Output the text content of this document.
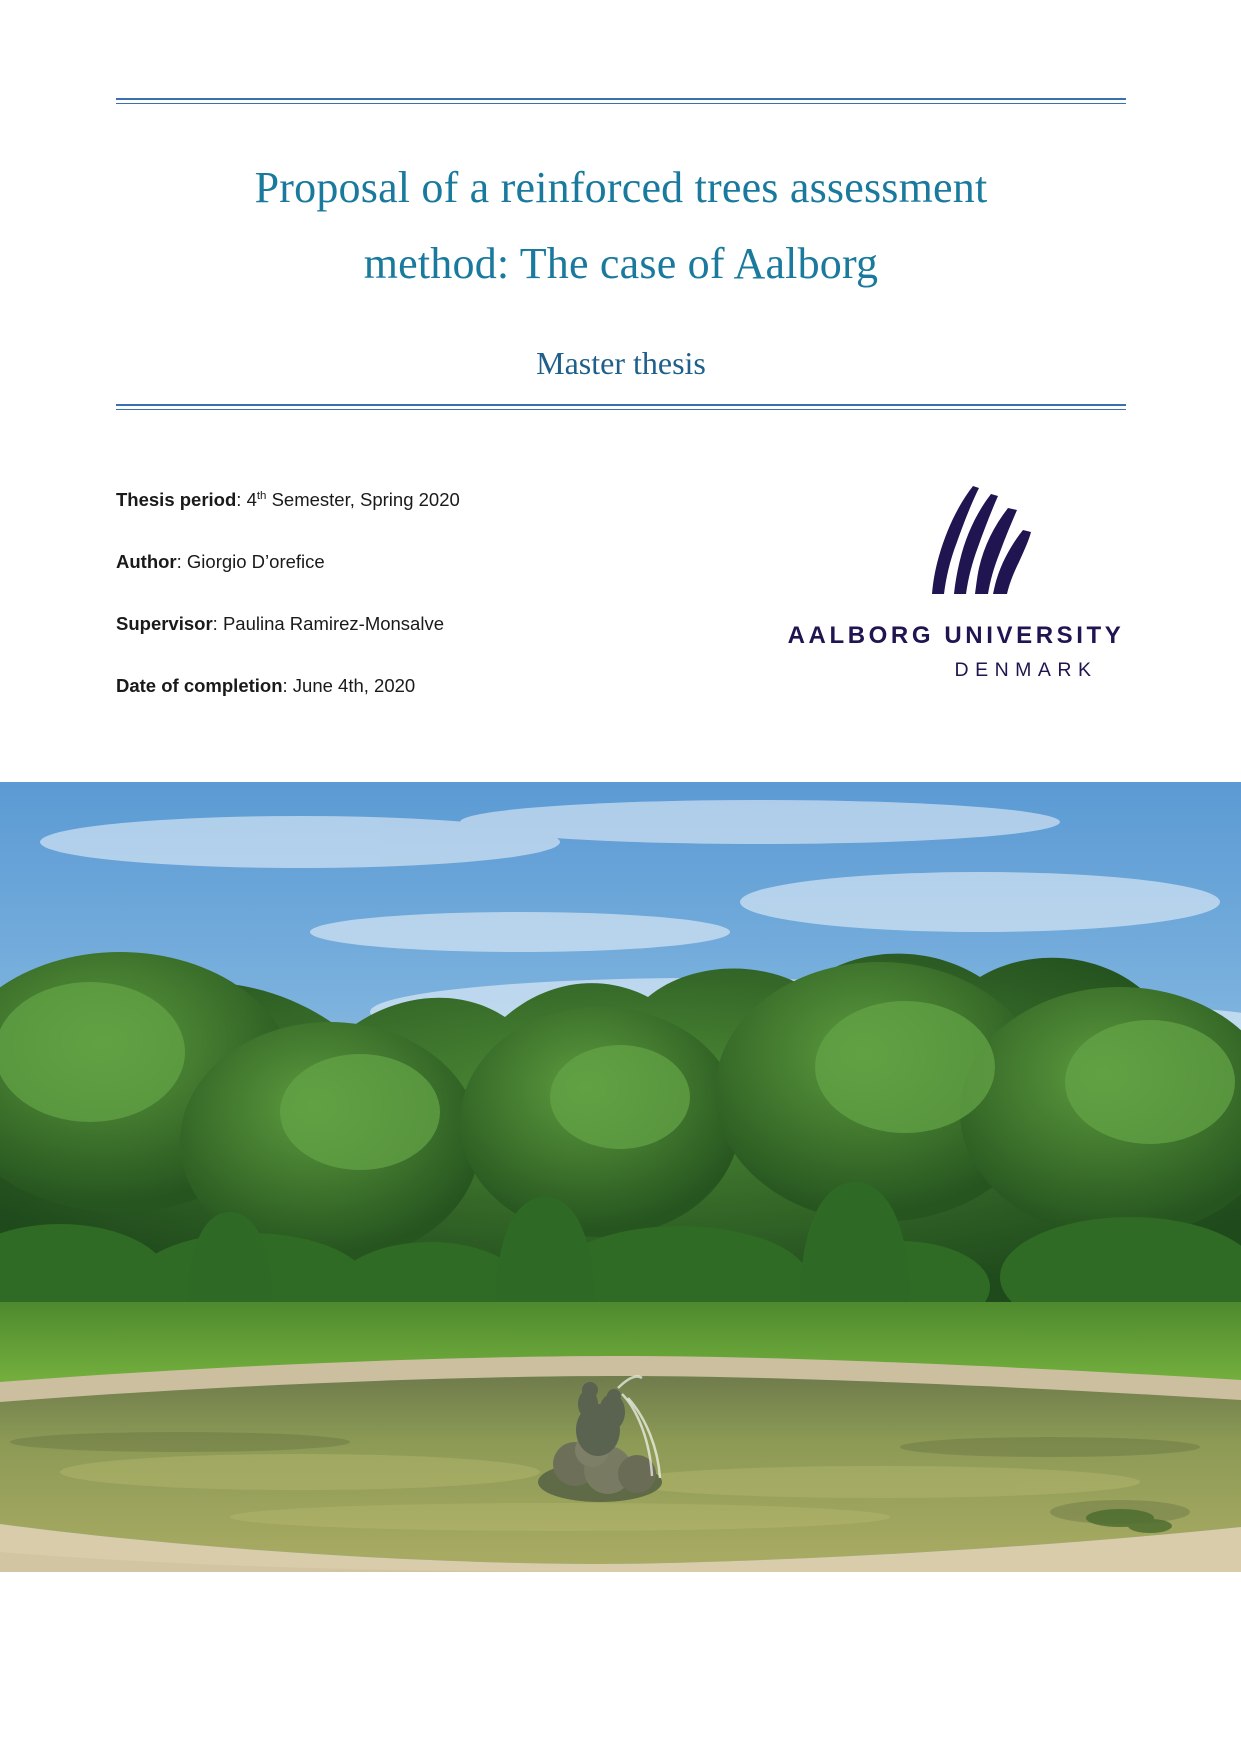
Proposal of a reinforced trees assessment
method: The case of Aalborg
Master thesis
Thesis period: 4th Semester, Spring 2020
Author: Giorgio D’orefice
Supervisor: Paulina Ramirez-Monsalve
Date of completion: June 4th, 2020
AALBORG UNIVERSITY
DENMARK
